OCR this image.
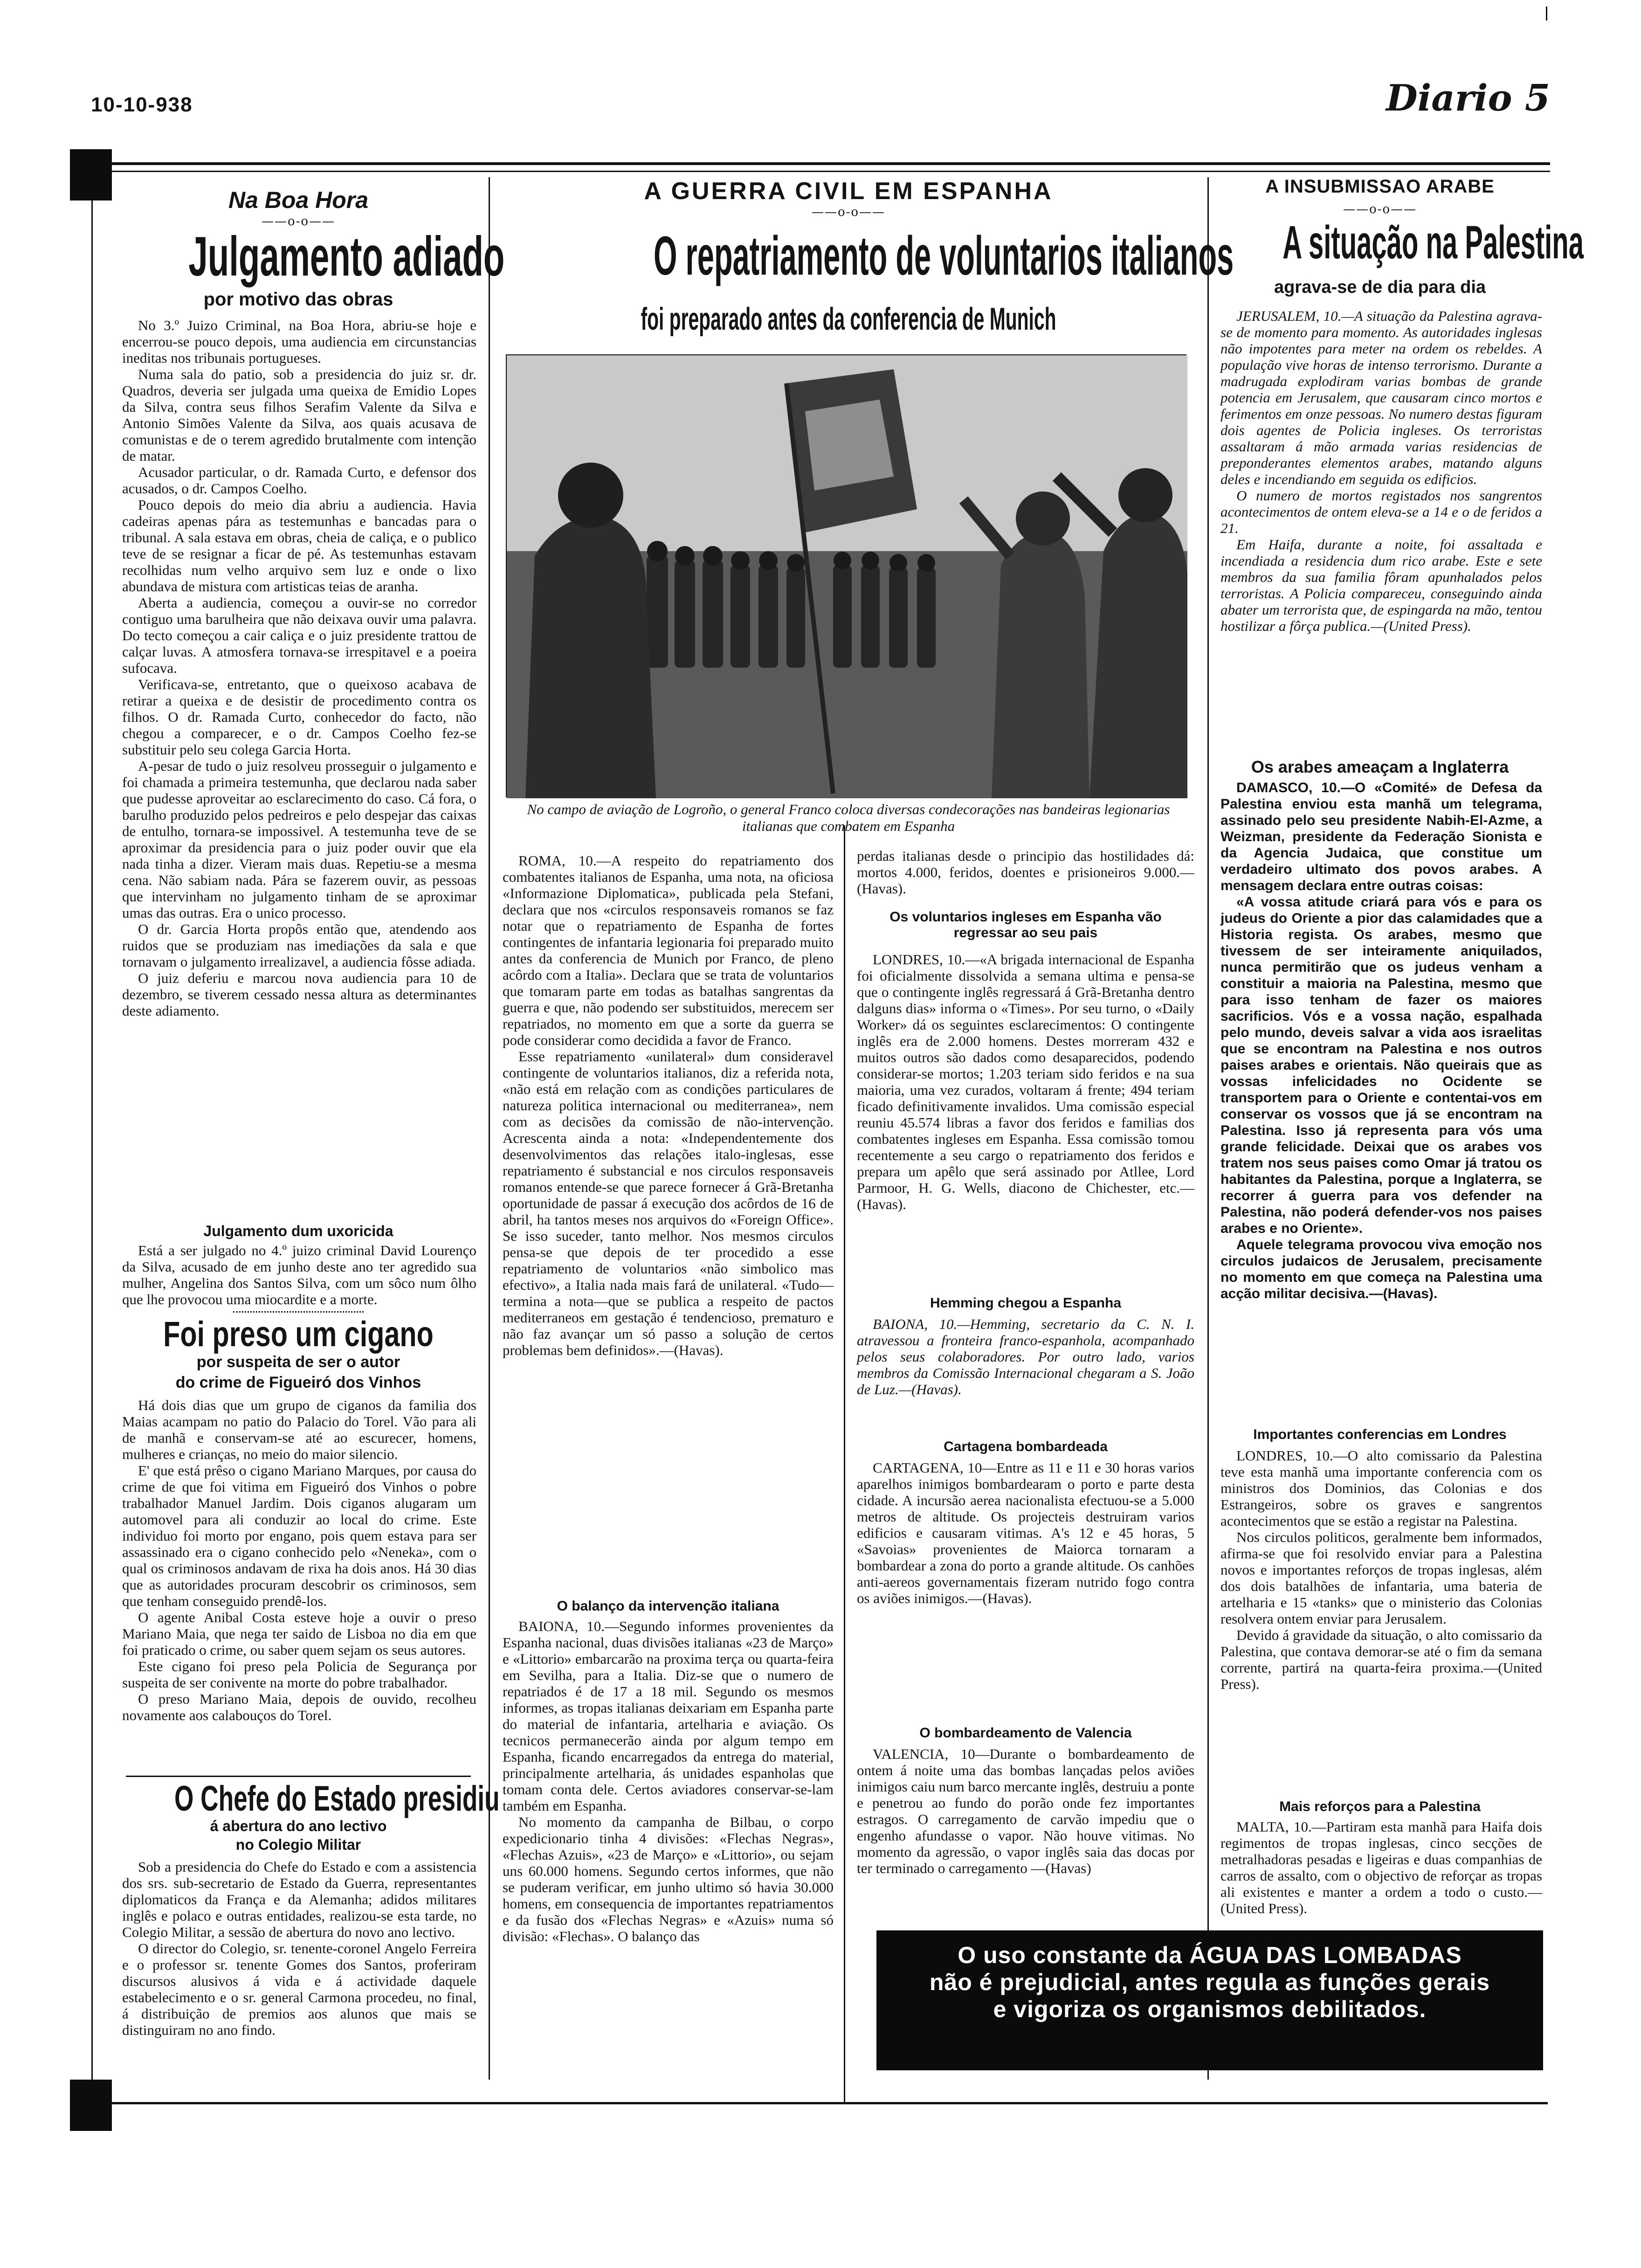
10-10-938	Diario 5
Na Boa Hora
——o-o——
Julgamento adiado
por motivo das obras

No 3.º Juizo Criminal, na Boa Hora, abriu-se hoje e encerrou-se pouco depois, uma audiencia em circunstancias ineditas nos tribunais portugueses.

Numa sala do patio, sob a presidencia do juiz sr. dr. Quadros, deveria ser julgada uma queixa de Emidio Lopes da Silva, contra seus filhos Serafim Valente da Silva e Antonio Simões Valente da Silva, aos quais acusava de comunistas e de o terem agredido brutalmente com intenção de matar.

Acusador particular, o dr. Ramada Curto, e defensor dos acusados, o dr. Campos Coelho.

Pouco depois do meio dia abriu a audiencia. Havia cadeiras apenas pára as testemunhas e bancadas para o tribunal. A sala estava em obras, cheia de caliça, e o publico teve de se resignar a ficar de pé. As testemunhas estavam recolhidas num velho arquivo sem luz e onde o lixo abundava de mistura com artisticas teias de aranha.

Aberta a audiencia, começou a ouvir-se no corredor contiguo uma barulheira que não deixava ouvir uma palavra. Do tecto começou a cair caliça e o juiz presidente trattou de calçar luvas. A atmosfera tornava-se irrespitavel e a poeira sufocava.

Verificava-se, entretanto, que o queixoso acabava de retirar a queixa e de desistir de procedimento contra os filhos. O dr. Ramada Curto, conhecedor do facto, não chegou a comparecer, e o dr. Campos Coelho fez-se substituir pelo seu colega Garcia Horta.

A-pesar de tudo o juiz resolveu prosseguir o julgamento e foi chamada a primeira testemunha, que declarou nada saber que pudesse aproveitar ao esclarecimento do caso. Cá fora, o barulho produzido pelos pedreiros e pelo despejar das caixas de entulho, tornara-se impossivel. A testemunha teve de se aproximar da presidencia para o juiz poder ouvir que ela nada tinha a dizer. Vieram mais duas. Repetiu-se a mesma cena. Não sabiam nada. Pára se fazerem ouvir, as pessoas que intervinham no julgamento tinham de se aproximar umas das outras. Era o unico processo.

O dr. Garcia Horta propôs então que, atendendo aos ruidos que se produziam nas imediações da sala e que tornavam o julgamento irrealizavel, a audiencia fôsse adiada.

O juiz deferiu e marcou nova audiencia para 10 de dezembro, se tiverem cessado nessa altura as determinantes deste adiamento.

Julgamento dum uxoricida

Está a ser julgado no 4.º juizo criminal David Lourenço da Silva, acusado de em junho deste ano ter agredido sua mulher, Angelina dos Santos Silva, com um sôco num ôlho que lhe provocou uma miocardite e a morte.

Foi preso um cigano
por suspeita de ser o autor
do crime de Figueiró dos Vinhos

Há dois dias que um grupo de ciganos da familia dos Maias acampam no patio do Palacio do Torel. Vão para ali de manhã e conservam-se até ao escurecer, homens, mulheres e crianças, no meio do maior silencio.

E' que está prêso o cigano Mariano Marques, por causa do crime de que foi vitima em Figueiró dos Vinhos o pobre trabalhador Manuel Jardim. Dois ciganos alugaram um automovel para ali conduzir ao local do crime. Este individuo foi morto por engano, pois quem estava para ser assassinado era o cigano conhecido pelo «Neneka», com o qual os criminosos andavam de rixa ha dois anos. Há 30 dias que as autoridades procuram descobrir os criminosos, sem que tenham conseguido prendê-los.

O agente Anibal Costa esteve hoje a ouvir o preso Mariano Maia, que nega ter saido de Lisboa no dia em que foi praticado o crime, ou saber quem sejam os seus autores.

Este cigano foi preso pela Policia de Segurança por suspeita de ser conivente na morte do pobre trabalhador.

O preso Mariano Maia, depois de ouvido, recolheu novamente aos calabouços do Torel.

O Chefe do Estado presidiu
á abertura do ano lectivo
no Colegio Militar

Sob a presidencia do Chefe do Estado e com a assistencia dos srs. sub-secretario de Estado da Guerra, representantes diplomaticos da França e da Alemanha; adidos militares inglês e polaco e outras entidades, realizou-se esta tarde, no Colegio Militar, a sessão de abertura do novo ano lectivo.

O director do Colegio, sr. tenente-coronel Angelo Ferreira e o professor sr. tenente Gomes dos Santos, proferiram discursos alusivos á vida e á actividade daquele estabelecimento e o sr. general Carmona procedeu, no final, á distribuição de premios aos alunos que mais se distinguiram no ano findo.

A GUERRA CIVIL EM ESPANHA
——o-o——
O repatriamento de voluntarios italianos
foi preparado antes da conferencia de Munich
No campo de aviação de Logroño, o general Franco coloca diversas condecorações nas bandeiras legionarias italianas que combatem em Espanha

ROMA, 10.—A respeito do repatriamento dos combatentes italianos de Espanha, uma nota, na oficiosa «Informazione Diplomatica», publicada pela Stefani, declara que nos «circulos responsaveis romanos se faz notar que o repatriamento de Espanha de fortes contingentes de infantaria legionaria foi preparado muito antes da conferencia de Munich por Franco, de pleno acôrdo com a Italia». Declara que se trata de voluntarios que tomaram parte em todas as batalhas sangrentas da guerra e que, não podendo ser substituidos, merecem ser repatriados, no momento em que a sorte da guerra se pode considerar como decidida a favor de Franco.

Esse repatriamento «unilateral» dum consideravel contingente de voluntarios italianos, diz a referida nota, «não está em relação com as condições particulares de natureza politica internacional ou mediterranea», nem com as decisões da comissão de não-intervenção. Acrescenta ainda a nota: «Independentemente dos desenvolvimentos das relações italo-inglesas, esse repatriamento é substancial e nos circulos responsaveis romanos entende-se que parece fornecer á Grã-Bretanha oportunidade de passar á execução dos acôrdos de 16 de abril, ha tantos meses nos arquivos do «Foreign Office». Se isso suceder, tanto melhor. Nos mesmos circulos pensa-se que depois de ter procedido a esse repatriamento de voluntarios «não simbolico mas efectivo», a Italia nada mais fará de unilateral. «Tudo—termina a nota—que se publica a respeito de pactos mediterraneos em gestação é tendencioso, prematuro e não faz avançar um só passo a solução de certos problemas bem definidos».—(Havas).

O balanço da intervenção italiana

BAIONA, 10.—Segundo informes provenientes da Espanha nacional, duas divisões italianas «23 de Março» e «Littorio» embarcarão na proxima terça ou quarta-feira em Sevilha, para a Italia. Diz-se que o numero de repatriados é de 17 a 18 mil. Segundo os mesmos informes, as tropas italianas deixariam em Espanha parte do material de infantaria, artelharia e aviação. Os tecnicos permanecerão ainda por algum tempo em Espanha, ficando encarregados da entrega do material, principalmente artelharia, ás unidades espanholas que tomam conta dele. Certos aviadores conservar-se-lam também em Espanha.

No momento da campanha de Bilbau, o corpo expedicionario tinha 4 divisões: «Flechas Negras», «Flechas Azuis», «23 de Março» e «Littorio», ou sejam uns 60.000 homens. Segundo certos informes, que não se puderam verificar, em junho ultimo só havia 30.000 homens, em consequencia de importantes repatriamentos e da fusão dos «Flechas Negras» e «Azuis» numa só divisão: «Flechas». O balanço das

perdas italianas desde o principio das hostilidades dá: mortos 4.000, feridos, doentes e prisioneiros 9.000.—(Havas).

Os voluntarios ingleses em Espanha vão regressar ao seu pais

LONDRES, 10.—«A brigada internacional de Espanha foi oficialmente dissolvida a semana ultima e pensa-se que o contingente inglês regressará á Grã-Bretanha dentro dalguns dias» informa o «Times». Por seu turno, o «Daily Worker» dá os seguintes esclarecimentos: O contingente inglês era de 2.000 homens. Destes morreram 432 e muitos outros são dados como desaparecidos, podendo considerar-se mortos; 1.203 teriam sido feridos e na sua maioria, uma vez curados, voltaram á frente; 494 teriam ficado definitivamente invalidos. Uma comissão especial reuniu 45.574 libras a favor dos feridos e familias dos combatentes ingleses em Espanha. Essa comissão tomou recentemente a seu cargo o repatriamento dos feridos e prepara um apêlo que será assinado por Atllee, Lord Parmoor, H. G. Wells, diacono de Chichester, etc.—(Havas).

Hemming chegou a Espanha

BAIONA, 10.—Hemming, secretario da C. N. I. atravessou a fronteira franco-espanhola, acompanhado pelos seus colaboradores. Por outro lado, varios membros da Comissão Internacional chegaram a S. João de Luz.—(Havas).

Cartagena bombardeada

CARTAGENA, 10—Entre as 11 e 11 e 30 horas varios aparelhos inimigos bombardearam o porto e parte desta cidade. A incursão aerea nacionalista efectuou-se a 5.000 metros de altitude. Os projecteis destruiram varios edificios e causaram vitimas. A's 12 e 45 horas, 5 «Savoias» provenientes de Maiorca tornaram a bombardear a zona do porto a grande altitude. Os canhões anti-aereos governamentais fizeram nutrido fogo contra os aviões inimigos.—(Havas).

O bombardeamento de Valencia

VALENCIA, 10—Durante o bombardeamento de ontem á noite uma das bombas lançadas pelos aviões inimigos caiu num barco mercante inglês, destruiu a ponte e penetrou ao fundo do porão onde fez importantes estragos. O carregamento de carvão impediu que o engenho afundasse o vapor. Não houve vitimas. No momento da agressão, o vapor inglês saia das docas por ter terminado o carregamento —(Havas)

A INSUBMISSAO ARABE
——o-o——
A situação na Palestina
agrava-se de dia para dia

JERUSALEM, 10.—A situação da Palestina agrava-se de momento para momento. As autoridades inglesas não impotentes para meter na ordem os rebeldes. A população vive horas de intenso terrorismo. Durante a madrugada explodiram varias bombas de grande potencia em Jerusalem, que causaram cinco mortos e ferimentos em onze pessoas. No numero destas figuram dois agentes de Policia ingleses. Os terroristas assaltaram á mão armada varias residencias de preponderantes elementos arabes, matando alguns deles e incendiando em seguida os edificios.

O numero de mortos registados nos sangrentos acontecimentos de ontem eleva-se a 14 e o de feridos a 21.

Em Haifa, durante a noite, foi assaltada e incendiada a residencia dum rico arabe. Este e sete membros da sua familia fôram apunhalados pelos terroristas. A Policia compareceu, conseguindo ainda abater um terrorista que, de espingarda na mão, tentou hostilizar a fôrça publica.—(United Press).

Os arabes ameaçam a Inglaterra

DAMASCO, 10.—O «Comité» de Defesa da Palestina enviou esta manhã um telegrama, assinado pelo seu presidente Nabih-El-Azme, a Weizman, presidente da Federação Sionista e da Agencia Judaica, que constitue um verdadeiro ultimato dos povos arabes. A mensagem declara entre outras coisas:

«A vossa atitude criará para vós e para os judeus do Oriente a pior das calamidades que a Historia regista. Os arabes, mesmo que tivessem de ser inteiramente aniquilados, nunca permitirão que os judeus venham a constituir a maioria na Palestina, mesmo que para isso tenham de fazer os maiores sacrificios. Vós e a vossa nação, espalhada pelo mundo, deveis salvar a vida aos israelitas que se encontram na Palestina e nos outros paises arabes e orientais. Não queirais que as vossas infelicidades no Ocidente se transportem para o Oriente e contentai-vos em conservar os vossos que já se encontram na Palestina. Isso já representa para vós uma grande felicidade. Deixai que os arabes vos tratem nos seus paises como Omar já tratou os habitantes da Palestina, porque a Inglaterra, se recorrer á guerra para vos defender na Palestina, não poderá defender-vos nos paises arabes e no Oriente».

Aquele telegrama provocou viva emoção nos circulos judaicos de Jerusalem, precisamente no momento em que começa na Palestina uma acção militar decisiva.—(Havas).

Importantes conferencias em Londres

LONDRES, 10.—O alto comissario da Palestina teve esta manhã uma importante conferencia com os ministros dos Dominios, das Colonias e dos Estrangeiros, sobre os graves e sangrentos acontecimentos que se estão a registar na Palestina.

Nos circulos politicos, geralmente bem informados, afirma-se que foi resolvido enviar para a Palestina novos e importantes reforços de tropas inglesas, além dos dois batalhões de infantaria, uma bateria de artelharia e 15 «tanks» que o ministerio das Colonias resolvera ontem enviar para Jerusalem.

Devido á gravidade da situação, o alto comissario da Palestina, que contava demorar-se até o fim da semana corrente, partirá na quarta-feira proxima.—(United Press).

Mais reforços para a Palestina

MALTA, 10.—Partiram esta manhã para Haifa dois regimentos de tropas inglesas, cinco secções de metralhadoras pesadas e ligeiras e duas companhias de carros de assalto, com o objectivo de reforçar as tropas ali existentes e manter a ordem a todo o custo.—(United Press).

O uso constante da ÁGUA DAS LOMBADAS
não é prejudicial, antes regula as funções gerais
e vigoriza os organismos debilitados.
